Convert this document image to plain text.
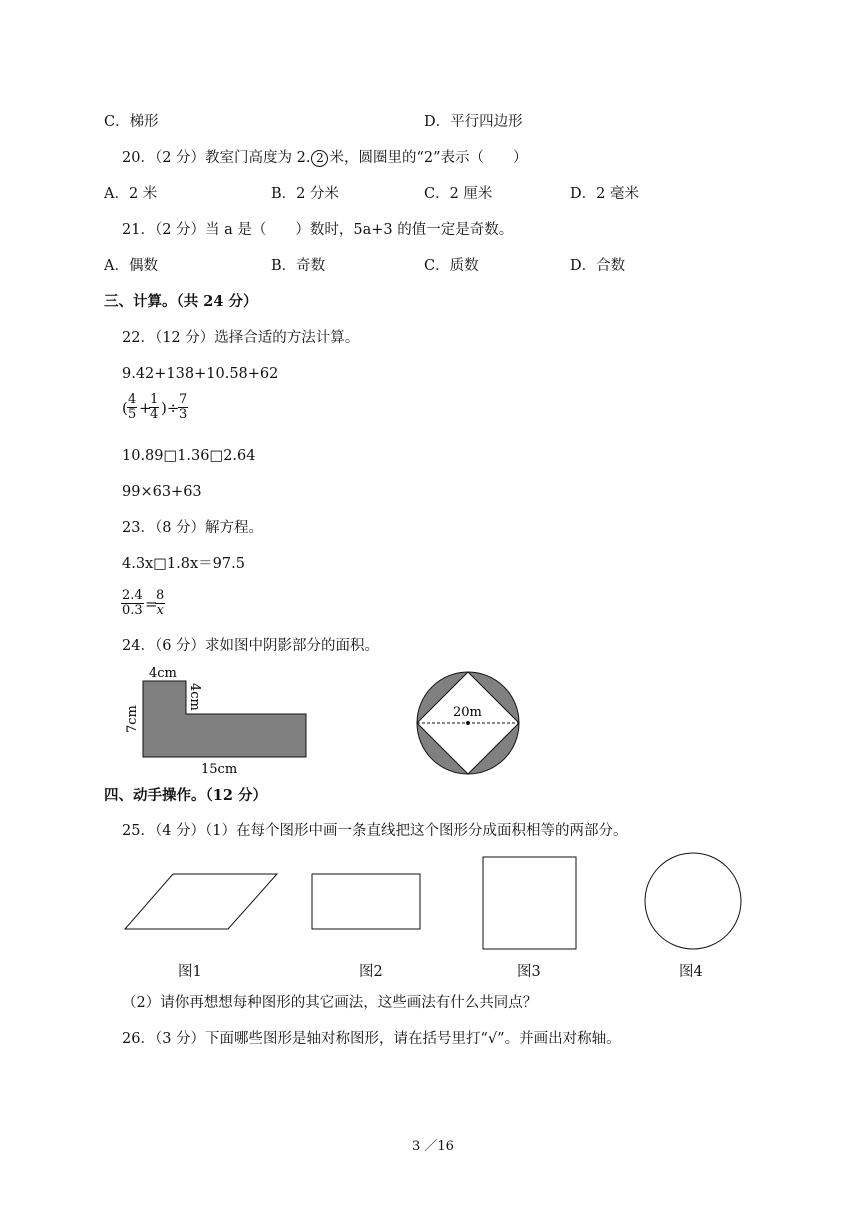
C．梯形	D．平行四边形
20．（2 分）教室门高度为 2. 2 米，圆圈里的“2”表示（　　）
A．2 米	B．2 分米	C．2 厘米	D．2 毫米
21．（2 分）当 a 是（　　）数时，5a+3 的值一定是奇数。
A．偶数	B．奇数	C．质数	D．合数
三、计算。（共 24 分）
22．（12 分）选择合适的方法计算。
9.42+138+10.58+62
( $\frac{4}{5}$ +
$\frac{1}{4}$ )÷
$\frac{7}{3}$
10.89□1.36□2.64
99×63+63
23．（8 分）解方程。
4.3x□1.8x＝97.5
$\frac{2.4}{0.3}$ =
$\frac{8}{x}$
24．（6 分）求如图中阴影部分的面积。
4cm
4cm
7cm
15cm
20m
四、动手操作。（12 分）
25．（4 分）（1）在每个图形中画一条直线把这个图形分成面积相等的两部分。
图1	图2	图3	图4
（2）请你再想想每种图形的其它画法，这些画法有什么共同点？
26．（3 分）下面哪些图形是轴对称图形，请在括号里打“√”。并画出对称轴。
3 ／16
